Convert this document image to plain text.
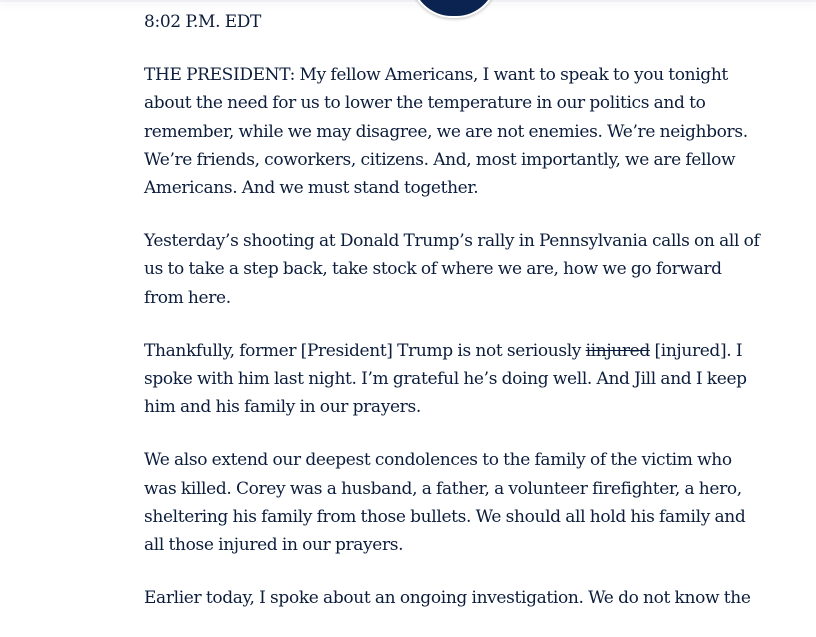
8:02 P.M. EDT

THE PRESIDENT: My fellow Americans, I want to speak to you tonight about the need for us to lower the temperature in our politics and to remember, while we may disagree, we are not enemies. We’re neighbors. We’re friends, coworkers, citizens. And, most importantly, we are fellow Americans. And we must stand together.

Yesterday’s shooting at Donald Trump’s rally in Pennsylvania calls on all of us to take a step back, take stock of where we are, how we go forward from here.

Thankfully, former [President] Trump is not seriously iinjured [injured]. I spoke with him last night. I’m grateful he’s doing well. And Jill and I keep him and his family in our prayers.

We also extend our deepest condolences to the family of the victim who was killed. Corey was a husband, a father, a volunteer firefighter, a hero, sheltering his family from those bullets. We should all hold his family and all those injured in our prayers.

Earlier today, I spoke about an ongoing investigation. We do not know the
